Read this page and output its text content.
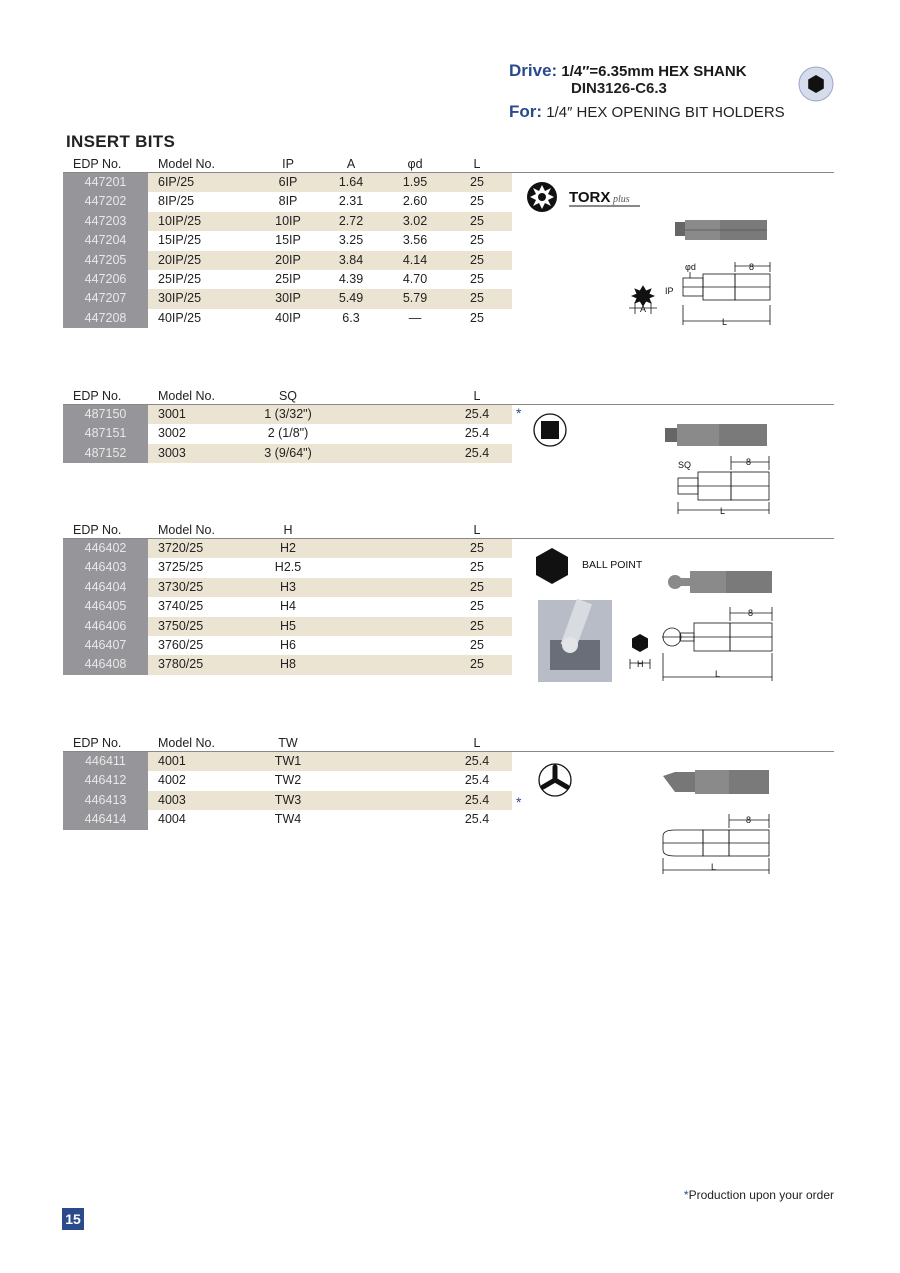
Drive: 1/4″=6.35mm HEX SHANK
DIN3126-C6.3
For: 1/4″ HEX OPENING BIT HOLDERS
INSERT BITS
EDP No.	Model No.	IP	A	φd	L
447201	6IP/25	6IP	1.64	1.95	25
447202	8IP/25	8IP	2.31	2.60	25
447203	10IP/25	10IP	2.72	3.02	25
447204	15IP/25	15IP	3.25	3.56	25
447205	20IP/25	20IP	3.84	4.14	25
447206	25IP/25	25IP	4.39	4.70	25
447207	30IP/25	30IP	5.49	5.79	25
447208	40IP/25	40IP	6.3	—	25
TORX plus
φd	8
IP
A
L
EDP No.	Model No.	SQ	L
487150	3001	1 (3/32")	25.4
487151	3002	2 (1/8")	25.4
487152	3003	3 (9/64")	25.4
*
SQ	8
L
EDP No.	Model No.	H	L
446402	3720/25	H2	25
446403	3725/25	H2.5	25
446404	3730/25	H3	25
446405	3740/25	H4	25
446406	3750/25	H5	25
446407	3760/25	H6	25
446408	3780/25	H8	25
BALL POINT
H
8
L
EDP No.	Model No.	TW	L
446411	4001	TW1	25.4
446412	4002	TW2	25.4
446413	4003	TW3	25.4
446414	4004	TW4	25.4
*
8
L
*Production upon your order
15
